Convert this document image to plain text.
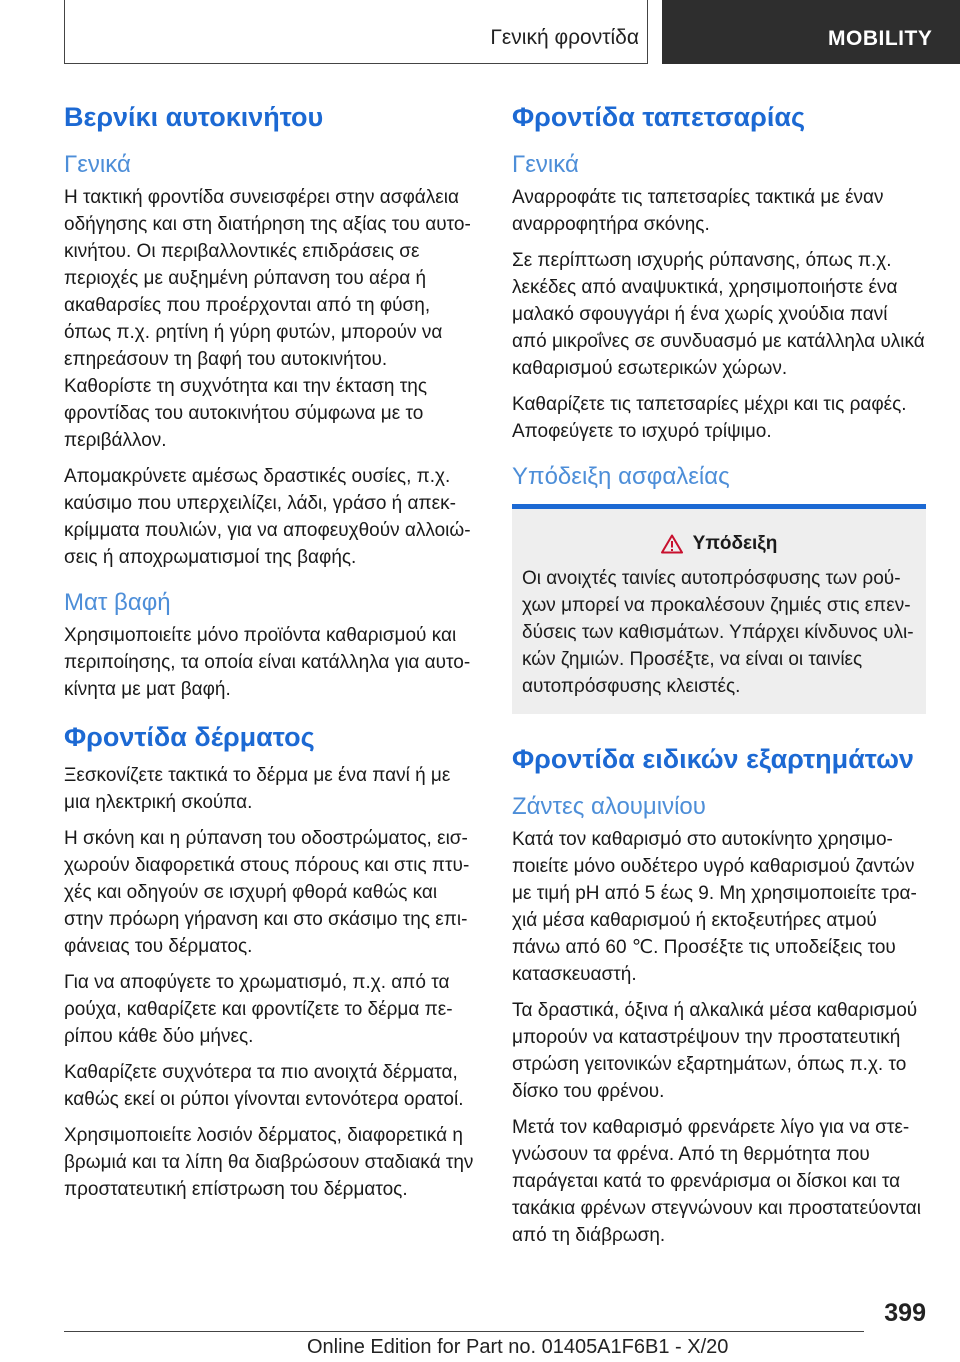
Γενική φροντίδα	MOBILITY
Βερνίκι αυτοκινήτου
Γενικά
Η τακτική φροντίδα συνεισφέρει στην ασφάλεια οδήγησης και στη διατήρηση της αξίας του αυτοκινήτου. Οι περιβαλλοντικές επιδράσεις σε περιοχές με αυξημένη ρύπανση του αέρα ή ακαθαρσίες που προέρχονται από τη φύση, όπως π.χ. ρητίνη ή γύρη φυτών, μπορούν να επηρεάσουν τη βαφή του αυτοκινήτου. Καθορίστε τη συχνότητα και την έκταση της φροντίδας του αυτοκινήτου σύμφωνα με το περιβάλλον.
Απομακρύνετε αμέσως δραστικές ουσίες, π.χ. καύσιμο που υπερχειλίζει, λάδι, γράσο ή απεκκρίμματα πουλιών, για να αποφευχθούν αλλοιώσεις ή αποχρωματισμοί της βαφής.
Ματ βαφή
Χρησιμοποιείτε μόνο προϊόντα καθαρισμού και περιποίησης, τα οποία είναι κατάλληλα για αυτοκίνητα με ματ βαφή.
Φροντίδα δέρματος
Ξεσκονίζετε τακτικά το δέρμα με ένα πανί ή με μια ηλεκτρική σκούπα.
Η σκόνη και η ρύπανση του οδοστρώματος, εισχωρούν διαφορετικά στους πόρους και στις πτυχές και οδηγούν σε ισχυρή φθορά καθώς και στην πρόωρη γήρανση και στο σκάσιμο της επιφάνειας του δέρματος.
Για να αποφύγετε το χρωματισμό, π.χ. από τα ρούχα, καθαρίζετε και φροντίζετε το δέρμα περίπου κάθε δύο μήνες.
Καθαρίζετε συχνότερα τα πιο ανοιχτά δέρματα, καθώς εκεί οι ρύποι γίνονται εντονότερα ορατοί.
Χρησιμοποιείτε λοσιόν δέρματος, διαφορετικά η βρωμιά και τα λίπη θα διαβρώσουν σταδιακά την προστατευτική επίστρωση του δέρματος.
Φροντίδα ταπετσαρίας
Γενικά
Αναρροφάτε τις ταπετσαρίες τακτικά με έναν αναρροφητήρα σκόνης.
Σε περίπτωση ισχυρής ρύπανσης, όπως π.χ. λεκέδες από αναψυκτικά, χρησιμοποιήστε ένα μαλακό σφουγγάρι ή ένα χωρίς χνούδια πανί από μικροΐνες σε συνδυασμό με κατάλληλα υλικά καθαρισμού εσωτερικών χώρων.
Καθαρίζετε τις ταπετσαρίες μέχρι και τις ραφές. Αποφεύγετε το ισχυρό τρίψιμο.
Υπόδειξη ασφαλείας
Υπόδειξη
Οι ανοιχτές ταινίες αυτοπρόσφυσης των ρούχων μπορεί να προκαλέσουν ζημιές στις επενδύσεις των καθισμάτων. Υπάρχει κίνδυνος υλικών ζημιών. Προσέξτε, να είναι οι ταινίες αυτοπρόσφυσης κλειστές.
Φροντίδα ειδικών εξαρτημάτων
Ζάντες αλουμινίου
Κατά τον καθαρισμό στο αυτοκίνητο χρησιμοποιείτε μόνο ουδέτερο υγρό καθαρισμού ζαντών με τιμή pH από 5 έως 9. Μη χρησιμοποιείτε τραχιά μέσα καθαρισμού ή εκτοξευτήρες ατμού πάνω από 60 ℃. Προσέξτε τις υποδείξεις του κατασκευαστή.
Τα δραστικά, όξινα ή αλκαλικά μέσα καθαρισμού μπορούν να καταστρέψουν την προστατευτική στρώση γειτονικών εξαρτημάτων, όπως π.χ. το δίσκο του φρένου.
Μετά τον καθαρισμό φρενάρετε λίγο για να στεγνώσουν τα φρένα. Από τη θερμότητα που παράγεται κατά το φρενάρισμα οι δίσκοι και τα τακάκια φρένων στεγνώνουν και προστατεύονται από τη διάβρωση.
399
Online Edition for Part no. 01405A1F6B1 - X/20
